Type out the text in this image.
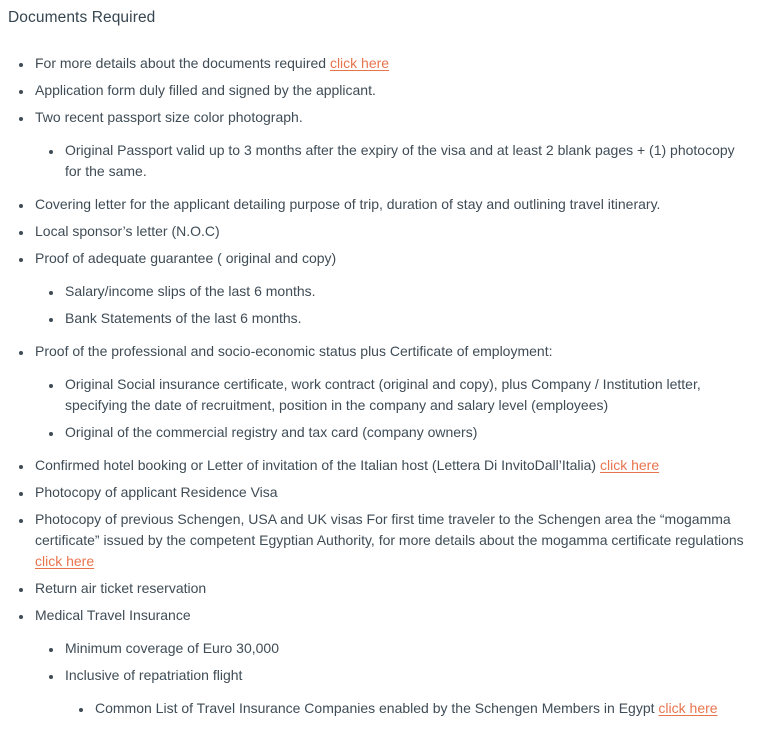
Documents Required
• For more details about the documents required click here
• Application form duly filled and signed by the applicant.
• Two recent passport size color photograph.
• Original Passport valid up to 3 months after the expiry of the visa and at least 2 blank pages + (1) photocopy for the same.
• Covering letter for the applicant detailing purpose of trip, duration of stay and outlining travel itinerary.
• Local sponsor’s letter (N.O.C)
• Proof of adequate guarantee ( original and copy)
• Salary/income slips of the last 6 months.
• Bank Statements of the last 6 months.
• Proof of the professional and socio-economic status plus Certificate of employment:
• Original Social insurance certificate, work contract (original and copy), plus Company / Institution letter, specifying the date of recruitment, position in the company and salary level (employees)
• Original of the commercial registry and tax card (company owners)
• Confirmed hotel booking or Letter of invitation of the Italian host (Lettera Di InvitoDall’Italia) click here
• Photocopy of applicant Residence Visa
• Photocopy of previous Schengen, USA and UK visas For first time traveler to the Schengen area the “mogamma certificate” issued by the competent Egyptian Authority, for more details about the mogamma certificate regulations click here
• Return air ticket reservation
• Medical Travel Insurance
• Minimum coverage of Euro 30,000
• Inclusive of repatriation flight
• Common List of Travel Insurance Companies enabled by the Schengen Members in Egypt click here
